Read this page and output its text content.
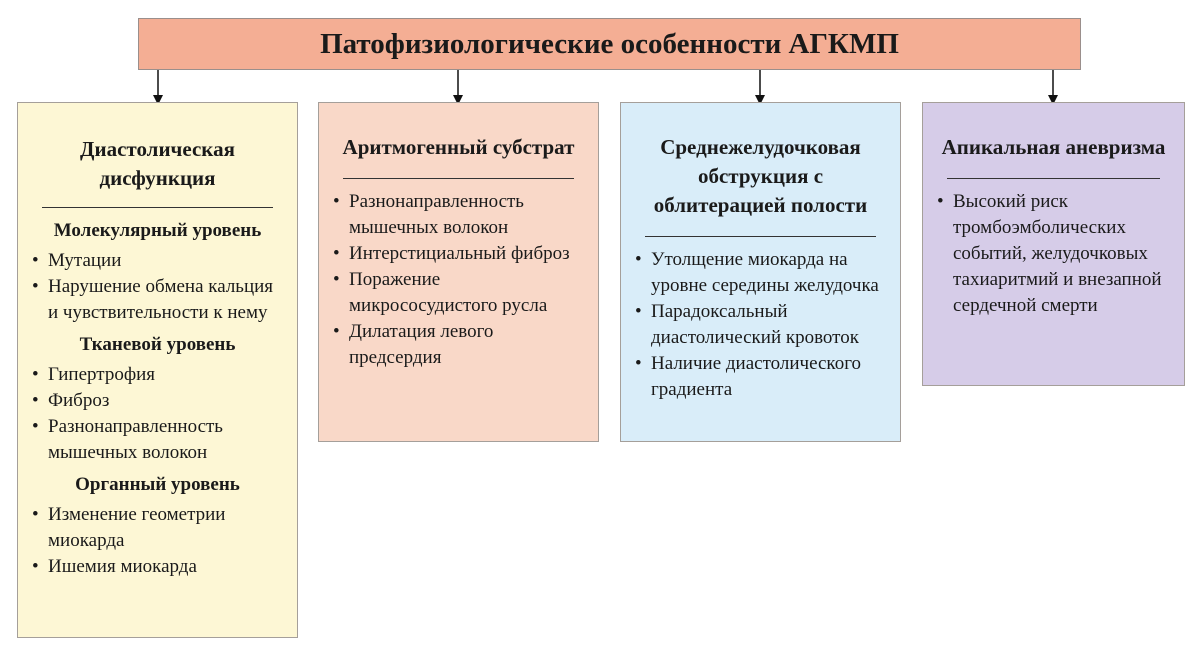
Патофизиологические особенности АГКМП
Диастолическая дисфункция
Молекулярный уровень
• Мутации
• Нарушение обмена кальция и чувствительности к нему
Тканевой уровень
• Гипертрофия
• Фиброз
• Разнонаправленность мышечных волокон
Органный уровень
• Изменение геометрии миокарда
• Ишемия миокарда
Аритмогенный субстрат
• Разнонаправленность мышечных волокон
• Интерстициальный фиброз
• Поражение микрососудистого русла
• Дилатация левого предсердия
Среднежелудочковая обструкция с облитерацией полости
• Утолщение миокарда на уровне середины желудочка
• Парадоксальный диастолический кровоток
• Наличие диастолического градиента
Апикальная аневризма
• Высокий риск тромбоэмболических событий, желудочковых тахиаритмий и внезапной сердечной смерти
